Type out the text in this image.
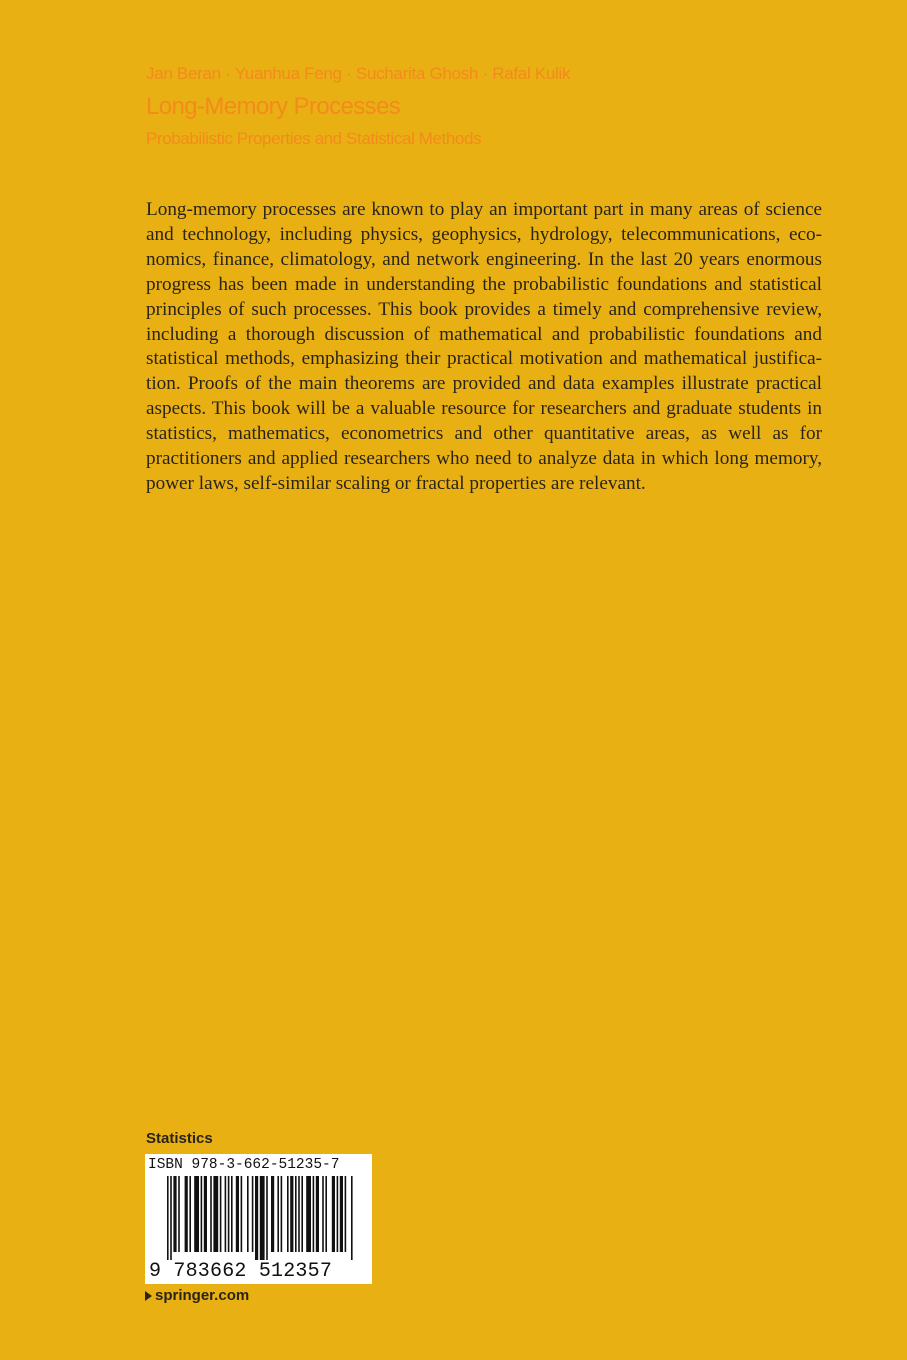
Jan Beran · Yuanhua Feng · Sucharita Ghosh · Rafal Kulik
Long-Memory Processes
Probabilistic Properties and Statistical Methods
Long-memory processes are known to play an important part in many areas of science and technology, including physics, geophysics, hydrology, telecommunications, economics, finance, climatology, and network engineering. In the last 20 years enormous progress has been made in understanding the probabilistic foundations and statistical principles of such processes. This book provides a timely and comprehensive review, including a thorough discussion of mathematical and probabilistic foundations and statistical methods, emphasizing their practical motivation and mathematical justification. Proofs of the main theorems are provided and data examples illustrate practical aspects. This book will be a valuable resource for researchers and graduate students in statistics, mathematics, econometrics and other quantitative areas, as well as for practitioners and applied researchers who need to analyze data in which long memory, power laws, self-similar scaling or fractal properties are relevant.
Statistics
ISBN 978-3-662-51235-7
9 783662 512357
springer.com
